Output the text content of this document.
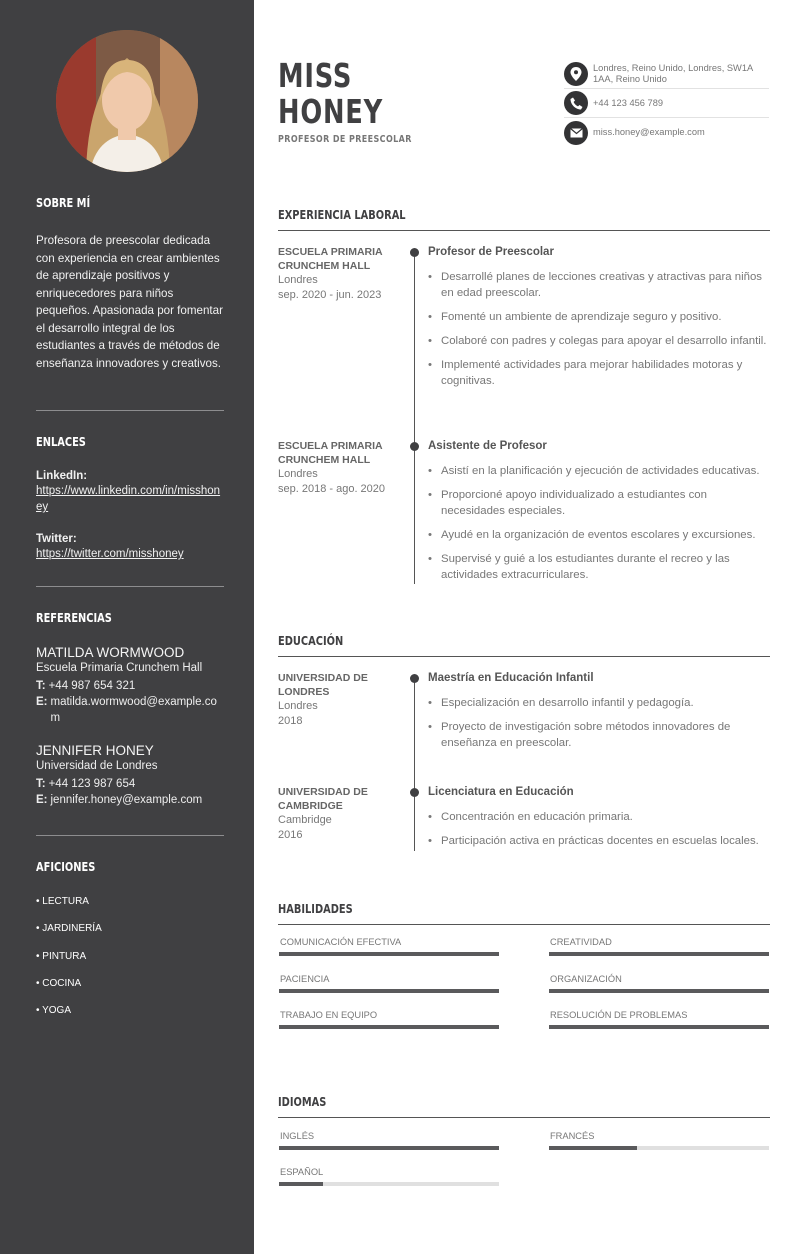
SOBRE MÍ

Profesora de preescolar dedicada con experiencia en crear ambientes de aprendizaje positivos y enriquecedores para niños pequeños. Apasionada por fomentar el desarrollo integral de los estudiantes a través de métodos de enseñanza innovadores y creativos.

ENLACES
LinkedIn:
https://www.linkedin.com/in/misshoney
Twitter:
https://twitter.com/misshoney
REFERENCIAS
MATILDA WORMWOOD
Escuela Primaria Crunchem Hall
T: +44 987 654 321
E: matilda.wormwood@example.com
JENNIFER HONEY
Universidad de Londres
T: +44 123 987 654
E: jennifer.honey@example.com
AFICIONES
• LECTURA
• JARDINERÍA
• PINTURA
• COCINA
• YOGA
MISS
HONEY
PROFESOR DE PREESCOLAR
Londres, Reino Unido, Londres, SW1A 1AA, Reino Unido
+44 123 456 789
miss.honey@example.com
EXPERIENCIA LABORAL
ESCUELA PRIMARIA CRUNCHEM HALL
Londres
sep. 2020 - jun. 2023
Profesor de Preescolar
• Desarrollé planes de lecciones creativas y atractivas para niños en edad preescolar.
• Fomenté un ambiente de aprendizaje seguro y positivo.
• Colaboré con padres y colegas para apoyar el desarrollo infantil.
• Implementé actividades para mejorar habilidades motoras y cognitivas.
ESCUELA PRIMARIA CRUNCHEM HALL
Londres
sep. 2018 - ago. 2020
Asistente de Profesor
• Asistí en la planificación y ejecución de actividades educativas.
• Proporcioné apoyo individualizado a estudiantes con necesidades especiales.
• Ayudé en la organización de eventos escolares y excursiones.
• Supervisé y guié a los estudiantes durante el recreo y las actividades extracurriculares.
EDUCACIÓN
UNIVERSIDAD DE LONDRES
Londres
2018
Maestría en Educación Infantil
• Especialización en desarrollo infantil y pedagogía.
• Proyecto de investigación sobre métodos innovadores de enseñanza en preescolar.
UNIVERSIDAD DE CAMBRIDGE
Cambridge
2016
Licenciatura en Educación
• Concentración en educación primaria.
• Participación activa en prácticas docentes en escuelas locales.
HABILIDADES
COMUNICACIÓN EFECTIVA	CREATIVIDAD
PACIENCIA	ORGANIZACIÓN
TRABAJO EN EQUIPO	RESOLUCIÓN DE PROBLEMAS
IDIOMAS
INGLÉS	FRANCÉS
ESPAÑOL
